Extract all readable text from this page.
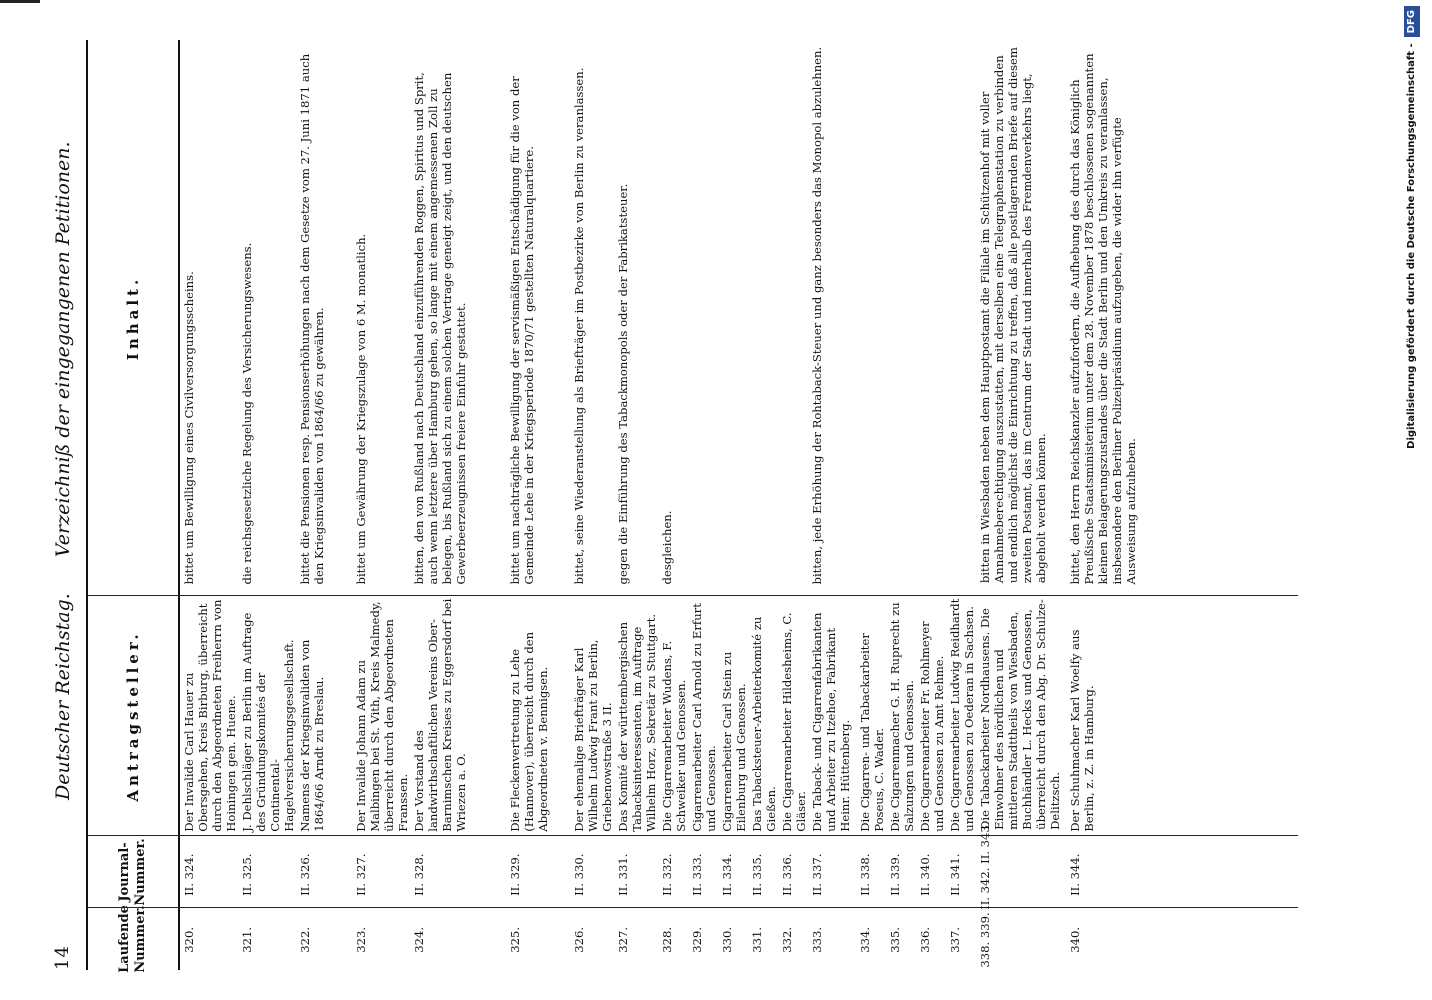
14
Deutscher Reichstag. Verzeichniß der eingegangenen Petitionen.
Laufende Nummer.
Journal-Nummer.
Antragsteller.
Inhalt.
320.
II. 324.
Der Invalide Carl Hauer zu Obersgehen, Kreis Birburg, überreicht durch den Abgeordneten Freiherrn von Hoiningen gen. Huene.
bittet um Bewilligung eines Civilversorgungsscheins.
321.
II. 325.
J. Dehlschläger zu Berlin im Auftrage des Gründungskomités der Continental-Hagelversicherungsgesellschaft.
die reichsgesetzliche Regelung des Versicherungswesens.
322.
II. 326.
Namens der Kriegsinvaliden von 1864/66 Arndt zu Breslau.
bittet die Pensionen resp. Pensionserhöhungen nach dem Gesetze vom 27. Juni 1871 auch den Kriegsinvaliden von 1864/66 zu gewähren.
323.
II. 327.
Der Invalide Johann Adam zu Malbingen bei St. Vith, Kreis Malmedy, überreicht durch den Abgeordneten Franssen.
bittet um Gewährung der Kriegszulage von 6 M. monatlich.
324.
II. 328.
Der Vorstand des landwirthschaftlichen Vereins Ober-Barnimschen Kreises zu Eggersdorf bei Wriezen a. O.
bitten, den von Rußland nach Deutschland einzuführenden Roggen, Spiritus und Sprit, auch wenn letztere über Hamburg gehen, so lange mit einem angemessenen Zoll zu belegen, bis Rußland sich zu einem solchen Vertrage geneigt zeigt, und den deutschen Gewerbeerzeugnissen freiere Einfuhr gestattet.
325.
II. 329.
Die Fleckenvertretung zu Lehe (Hannover), überreicht durch den Abgeordneten v. Bennigsen.
bittet um nachträgliche Bewilligung der servismäßigen Entschädigung für die von der Gemeinde Lehe in der Kriegsperiode 1870/71 gestellten Naturalquartiere.
326.
II. 330.
Der ehemalige Briefträger Karl Wilhelm Ludwig Frant zu Berlin, Griebenowstraße 3 II.
bittet, seine Wiederanstellung als Briefträger im Postbezirke von Berlin zu veranlassen.
327.
II. 331.
Das Komité der württembergischen Tabacksinteressenten, im Auftrage Wilhelm Horz, Sekretär zu Stuttgart.
gegen die Einführung des Tabackmonopols oder der Fabrikatsteuer.
328.
II. 332.
Die Cigarrenarbeiter Wudens, F. Schweiker und Genossen.
desgleichen.
329.
II. 333.
Cigarrenarbeiter Carl Arnold zu Erfurt und Genossen.
330.
II. 334.
Cigarrenarbeiter Carl Stein zu Eilenburg und Genossen.
331.
II. 335.
Das Tabacksteuer-Arbeiterkomité zu Gießen.
332.
II. 336.
Die Cigarrenarbeiter Hildesheims, C. Gläser.
333.
II. 337.
Die Taback- und Cigarrenfabrikanten und Arbeiter zu Itzehoe, Fabrikant Heinr. Hüttenberg.
bitten, jede Erhöhung der Rohtaback-Steuer und ganz besonders das Monopol abzulehnen.
334.
II. 338.
Die Cigarren- und Tabackarbeiter Poseus, C. Wader.
335.
II. 339.
Die Cigarrenmacher G. H. Ruprecht zu Salzungen und Genossen.
336.
II. 340.
Die Cigarrenarbeiter Fr. Rohlmeyer und Genossen zu Amt Rehme.
337.
II. 341.
Die Cigarrenarbeiter Ludwig Reidhardt und Genossen zu Oederan in Sachsen.
338. 339.
II. 342. II. 343.
Die Tabackarbeiter Nordhausens. Die Einwohner des nördlichen und mittleren Stadttheils von Wiesbaden, Buchhändler L. Hecks und Genossen, überreicht durch den Abg. Dr. Schulze-Delitzsch.
bitten in Wiesbaden neben dem Hauptpostamt die Filiale im Schützenhof mit voller Annahmeberechtigung auszustatten, mit derselben eine Telegraphenstation zu verbinden und endlich möglichst die Einrichtung zu treffen, daß alle postlagernden Briefe auf diesem zweiten Postamt, das im Centrum der Stadt und innerhalb des Fremdenverkehrs liegt, abgeholt werden können.
340.
II. 344.
Der Schuhmacher Karl Woelfy aus Berlin, z. Z. in Hamburg.
bittet, den Herrn Reichskanzler aufzufordern, die Aufhebung des durch das Königlich Preußische Staatsministerium unter dem 28. November 1878 beschlossenen sogenannten kleinen Belagerungszustandes über die Stadt Berlin und den Umkreis zu veranlassen, insbesondere den Berliner Polizeipräsidium aufzugeben, die wider ihn verfügte Ausweisung aufzuheben.
Digitalisierung gefördert durch die Deutsche Forschungsgemeinschaft -DFG
